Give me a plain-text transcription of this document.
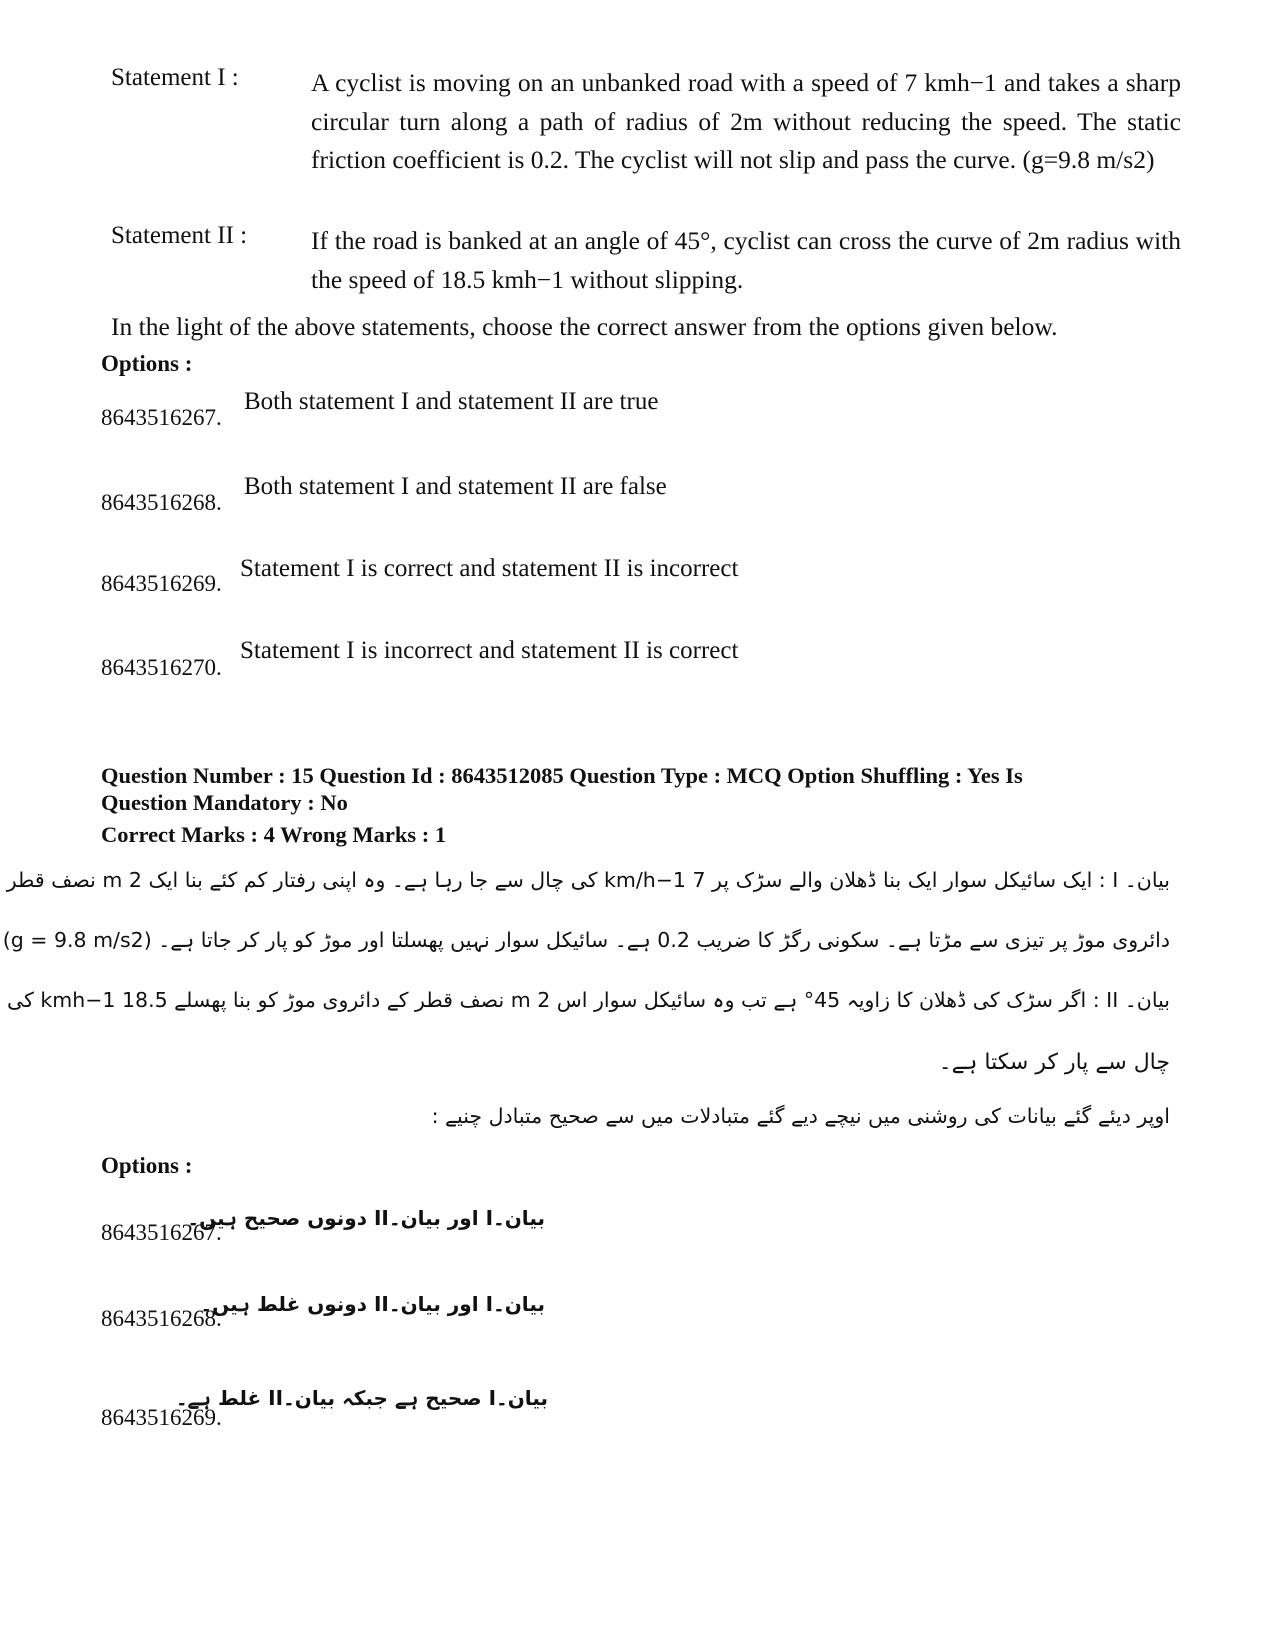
Statement I :	A cyclist is moving on an unbanked road with a speed of 7 kmh−1 and takes a sharp circular turn along a path of radius of 2m without reducing the speed. The static friction coefficient is 0.2. The cyclist will not slip and pass the curve. (g=9.8 m/s2)
Statement II :	If the road is banked at an angle of 45°, cyclist can cross the curve of 2m radius with the speed of 18.5 kmh−1 without slipping.
In the light of the above statements, choose the correct answer from the options given below.
Options :
8643516267.
Both statement I and statement II are true
8643516268.
Both statement I and statement II are false
8643516269.
Statement I is correct and statement II is incorrect
8643516270.
Statement I is incorrect and statement II is correct
Question Number : 15 Question Id : 8643512085 Question Type : MCQ Option Shuffling : Yes Is
Question Mandatory : No
Correct Marks : 4 Wrong Marks : 1
بیان۔ I : ایک سائیکل سوار ایک بنا ڈھلان والے سڑک پر 7 km/h−1 کی چال سے جا رہا ہے۔ وہ اپنی رفتار کم کئے بنا ایک 2 m نصف قطر
دائروی موڑ پر تیزی سے مڑتا ہے۔ سکونی رگڑ کا ضریب 0.2 ہے۔ سائیکل سوار نہیں پھسلتا اور موڑ کو پار کر جاتا ہے۔ (g = 9.8 m/s2)
بیان۔ II : اگر سڑک کی ڈھلان کا زاویہ 45° ہے تب وہ سائیکل سوار اس 2 m نصف قطر کے دائروی موڑ کو بنا پھسلے 18.5 kmh−1 کی
چال سے پار کر سکتا ہے۔
اوپر دیئے گئے بیانات کی روشنی میں نیچے دیے گئے متبادلات میں سے صحیح متبادل چنیے :
Options :
8643516267.
بیان۔I اور بیان۔II دونوں صحیح ہیں۔
8643516268.
بیان۔I اور بیان۔II دونوں غلط ہیں۔
8643516269.
بیان۔I صحیح ہے جبکہ بیان۔II غلط ہے۔
